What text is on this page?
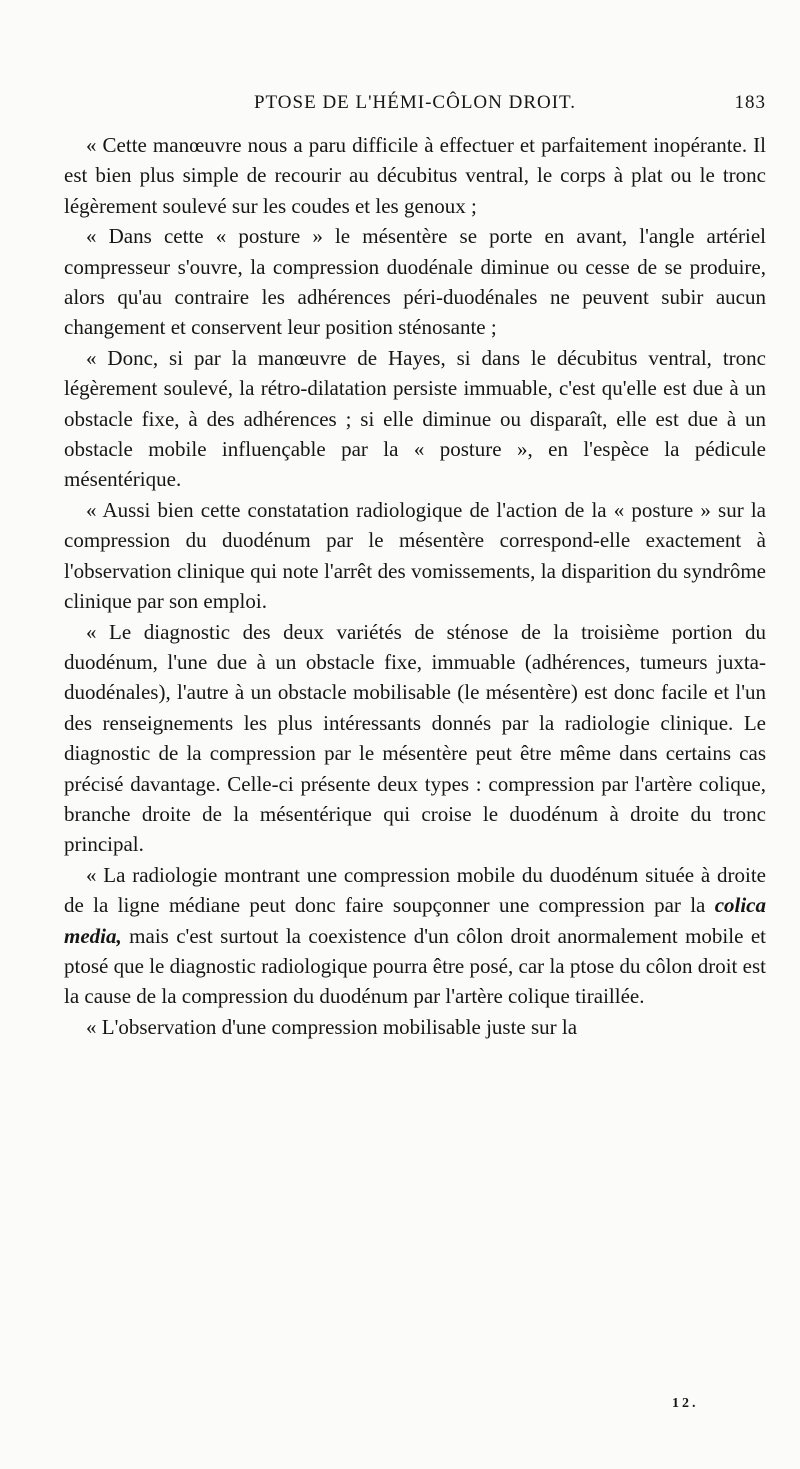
PTOSE DE L'HÉMI-CÔLON DROIT.	183

« Cette manœuvre nous a paru difficile à effectuer et parfaitement inopérante. Il est bien plus simple de recourir au décubitus ventral, le corps à plat ou le tronc légèrement soulevé sur les coudes et les genoux ;

« Dans cette « posture » le mésentère se porte en avant, l'angle artériel compresseur s'ouvre, la compression duodénale diminue ou cesse de se produire, alors qu'au contraire les adhérences péri-duodénales ne peuvent subir aucun changement et conservent leur position sténosante ;

« Donc, si par la manœuvre de Hayes, si dans le décubitus ventral, tronc légèrement soulevé, la rétro-dilatation persiste immuable, c'est qu'elle est due à un obstacle fixe, à des adhérences ; si elle diminue ou disparaît, elle est due à un obstacle mobile influençable par la « posture », en l'espèce la pédicule mésentérique.

« Aussi bien cette constatation radiologique de l'action de la « posture » sur la compression du duodénum par le mésentère correspond-elle exactement à l'observation clinique qui note l'arrêt des vomissements, la disparition du syndrôme clinique par son emploi.

« Le diagnostic des deux variétés de sténose de la troisième portion du duodénum, l'une due à un obstacle fixe, immuable (adhérences, tumeurs juxta-duodénales), l'autre à un obstacle mobilisable (le mésentère) est donc facile et l'un des renseignements les plus intéressants donnés par la radiologie clinique. Le diagnostic de la compression par le mésentère peut être même dans certains cas précisé davantage. Celle-ci présente deux types : compression par l'artère colique, branche droite de la mésentérique qui croise le duodénum à droite du tronc principal.

« La radiologie montrant une compression mobile du duodénum située à droite de la ligne médiane peut donc faire soupçonner une compression par la colica media, mais c'est surtout la coexistence d'un côlon droit anormalement mobile et ptosé que le diagnostic radiologique pourra être posé, car la ptose du côlon droit est la cause de la compression du duodénum par l'artère colique tiraillée.

« L'observation d'une compression mobilisable juste sur la

12.
